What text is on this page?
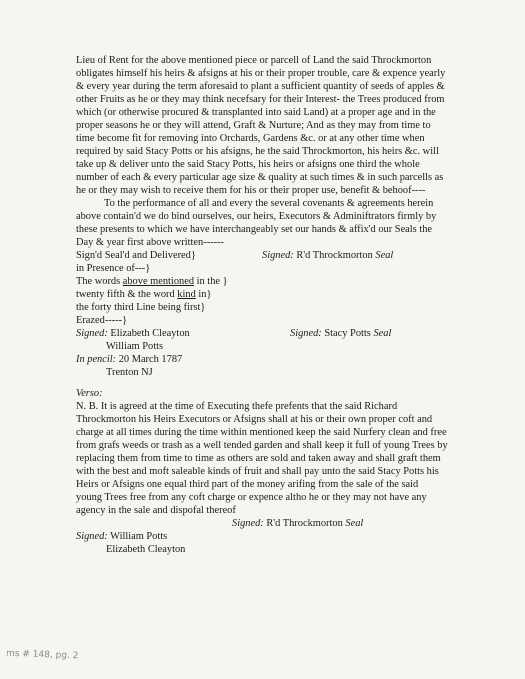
Lieu of Rent for the above mentioned piece or parcell of Land the said Throckmorton
obligates himself his heirs & afsigns at his or their proper trouble, care & expence yearly
& every year during the term aforesaid to plant a sufficient quantity of seeds of apples &
other Fruits as he or they may think necefsary for their Interest- the Trees produced from
which (or otherwise procured & transplanted into said Land) at a proper age and in the
proper seasons he or they will attend, Graft & Nurture; And as they may from time to
time become fit for removing into Orchards, Gardens &c. or at any other time when
required by said Stacy Potts or his afsigns, he the said Throckmorton, his heirs &c. will
take up & deliver unto the said Stacy Potts, his heirs or afsigns one third the whole
number of each & every particular age size & quality at such times & in such parcells as
he or they may wish to receive them for his or their proper use, benefit & behoof----
To the performance of all and every the several covenants & agreements herein
above contain'd we do bind ourselves, our heirs, Executors & Adminiftrators firmly by
these presents to which we have interchangeably set our hands & affix'd our Seals the
Day & year first above written------
Sign'd Seal'd and Delivered}	Signed: R'd Throckmorton Seal
in Presence of---}
The words above mentioned in the }
twenty fifth & the word kind in}
the forty third Line being first}
Erazed-----}
Signed: Elizabeth Cleayton	Signed: Stacy Potts Seal
William Potts
In pencil: 20 March 1787
Trenton NJ
Verso:
N. B. It is agreed at the time of Executing thefe prefents that the said Richard
Throckmorton his Heirs Executors or Afsigns shall at his or their own proper coft and
charge at all times during the time within mentioned keep the said Nurfery clean and free
from grafs weeds or trash as a well tended garden and shall keep it full of young Trees by
replacing them from time to time as others are sold and taken away and shall graft them
with the best and moft saleable kinds of fruit and shall pay unto the said Stacy Potts his
Heirs or Afsigns one equal third part of the money arifing from the sale of the said
young Trees free from any coft charge or expence altho he or they may not have any
agency in the sale and dispofal thereof
Signed: R'd Throckmorton Seal
Signed: William Potts
Elizabeth Cleayton
ms # 148, pg. 2
